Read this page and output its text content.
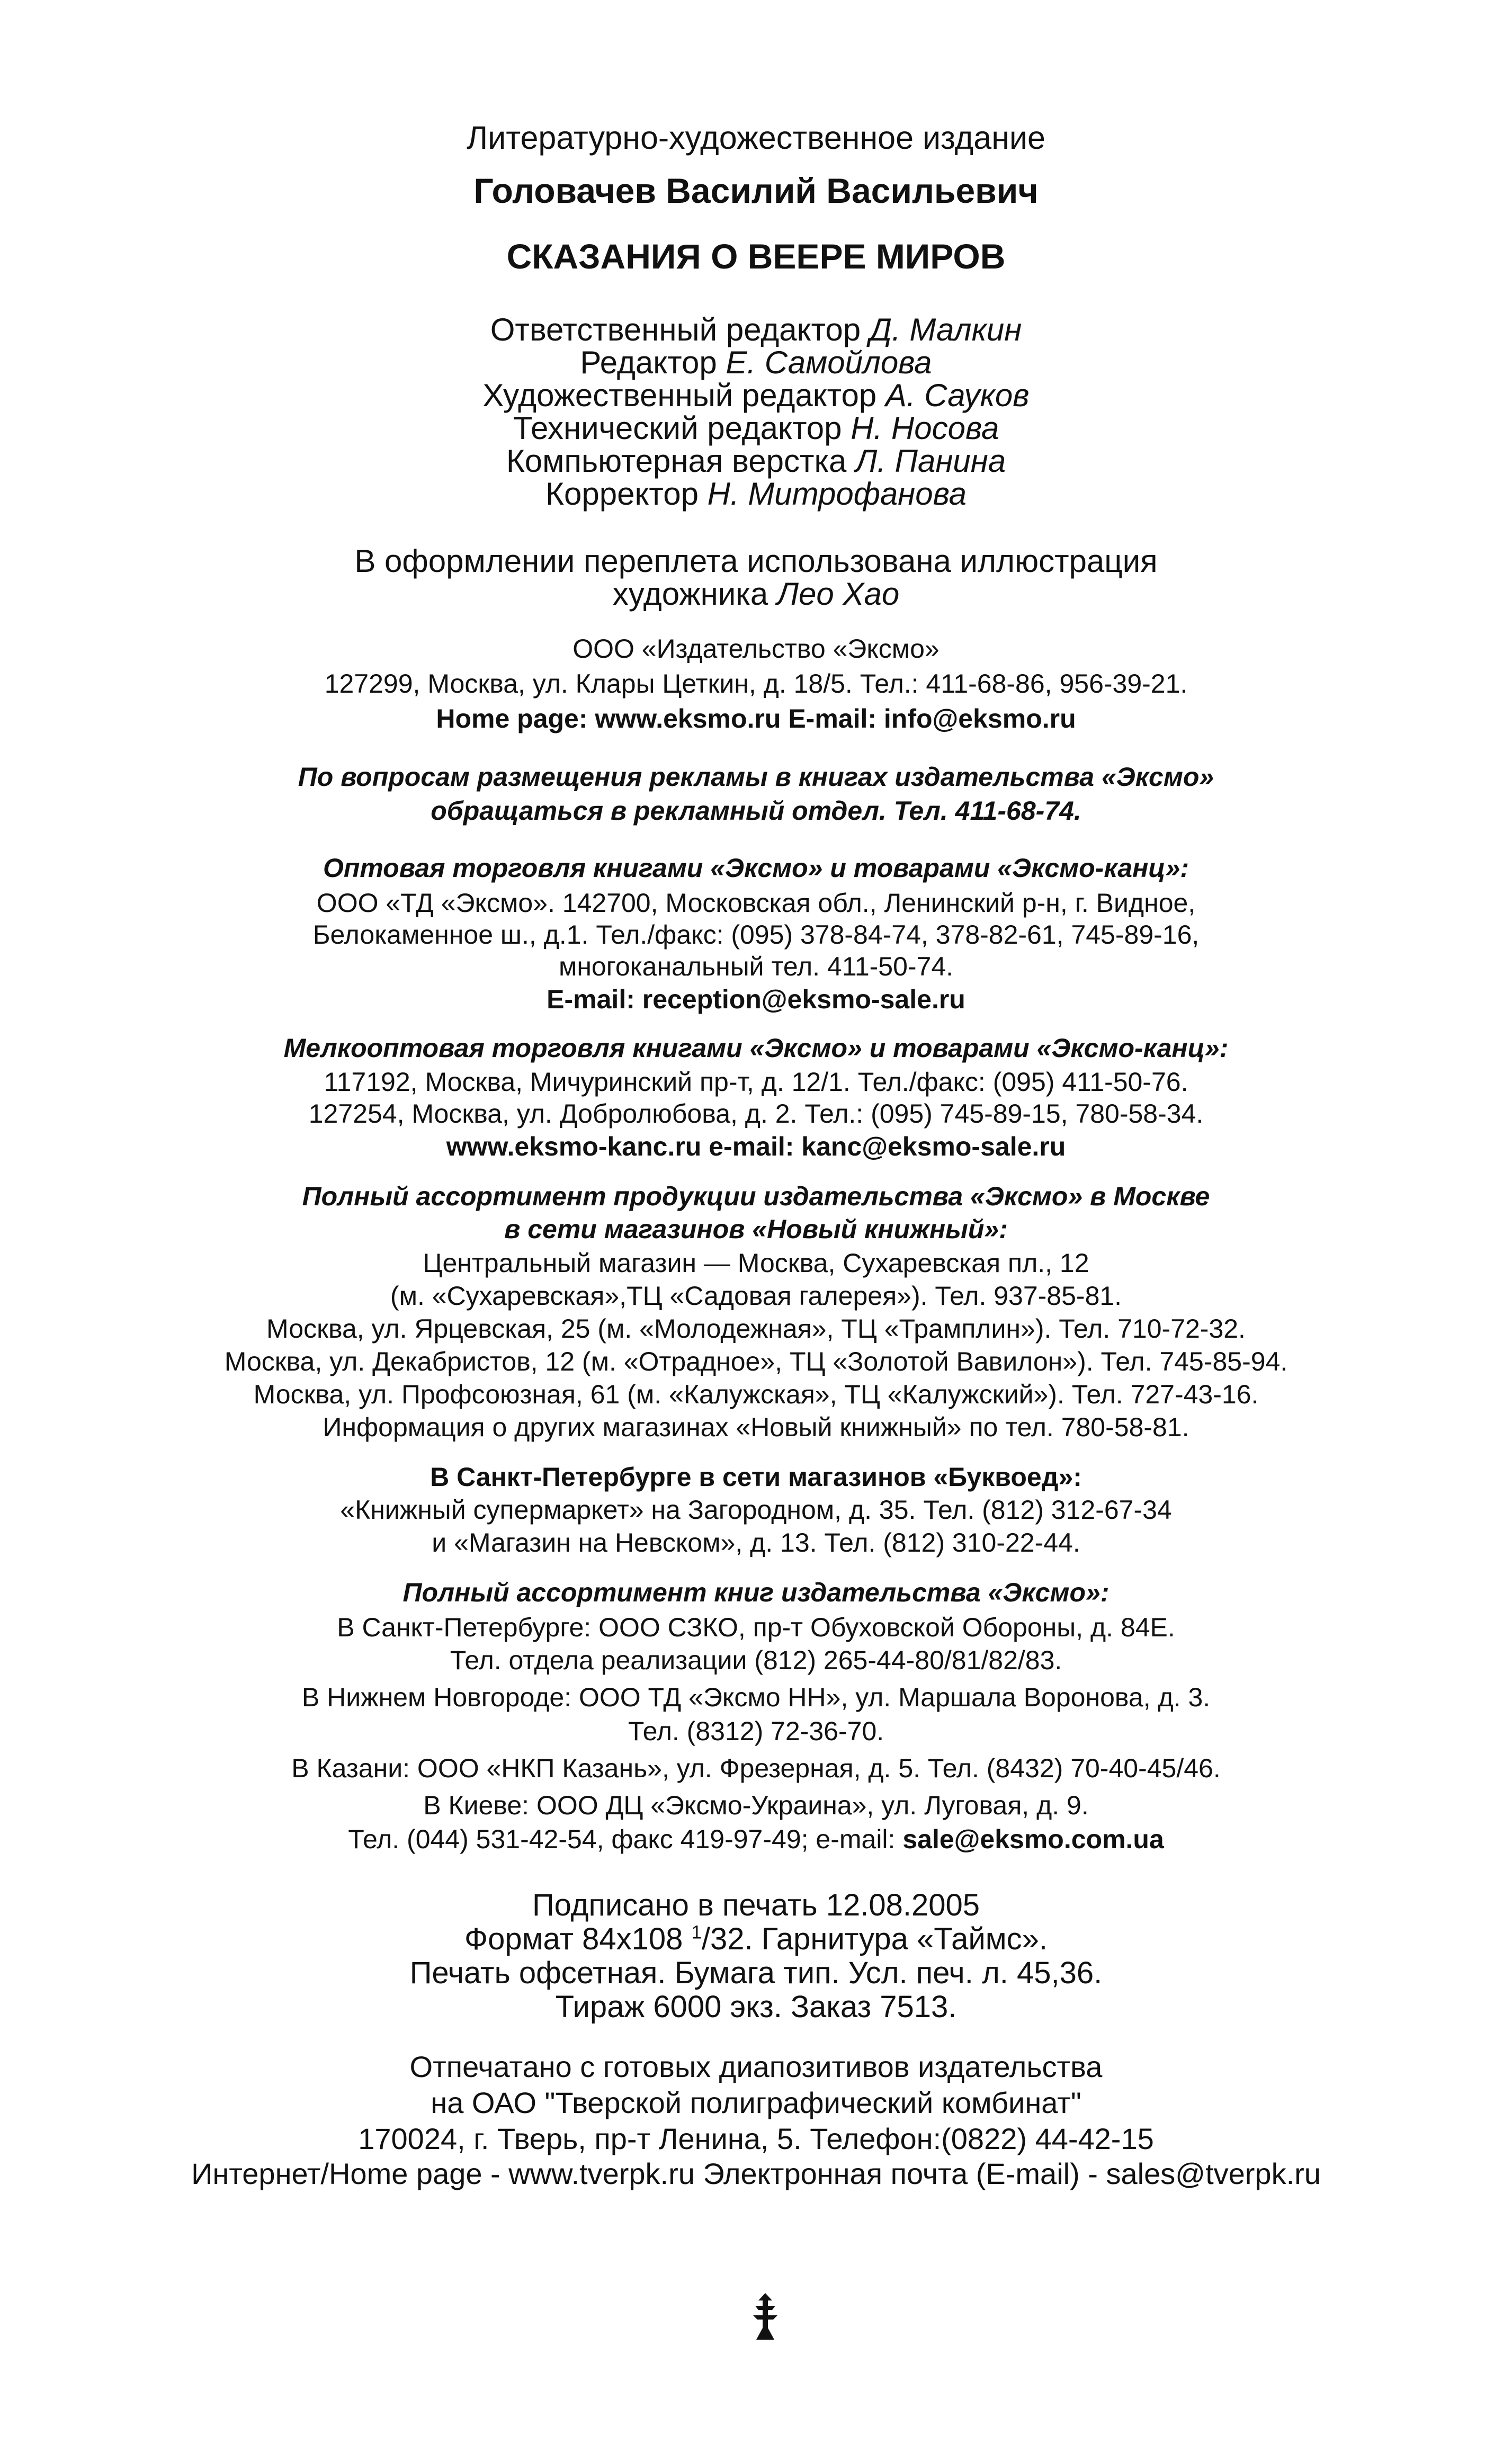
Литературно-художественное издание
Головачев Василий Васильевич
СКАЗАНИЯ О ВЕЕРЕ МИРОВ
Ответственный редактор Д. Малкин
Редактор Е. Самойлова
Художественный редактор А. Сауков
Технический редактор Н. Носова
Компьютерная верстка Л. Панина
Корректор Н. Митрофанова
В оформлении переплета использована иллюстрация
художника Лео Хао
ООО «Издательство «Эксмо»
127299, Москва, ул. Клары Цеткин, д. 18/5. Тел.: 411-68-86, 956-39-21.
Home page: www.eksmo.ru E-mail: info@eksmo.ru
По вопросам размещения рекламы в книгах издательства «Эксмо»
обращаться в рекламный отдел. Тел. 411-68-74.
Оптовая торговля книгами «Эксмо» и товарами «Эксмо-канц»:
ООО «ТД «Эксмо». 142700, Московская обл., Ленинский р-н, г. Видное,
Белокаменное ш., д.1. Тел./факс: (095) 378-84-74, 378-82-61, 745-89-16,
многоканальный тел. 411-50-74.
E-mail: reception@eksmo-sale.ru
Мелкооптовая торговля книгами «Эксмо» и товарами «Эксмо-канц»:
117192, Москва, Мичуринский пр-т, д. 12/1. Тел./факс: (095) 411-50-76.
127254, Москва, ул. Добролюбова, д. 2. Тел.: (095) 745-89-15, 780-58-34.
www.eksmo-kanc.ru e-mail: kanc@eksmo-sale.ru
Полный ассортимент продукции издательства «Эксмо» в Москве
в сети магазинов «Новый книжный»:
Центральный магазин — Москва, Сухаревская пл., 12
(м. «Сухаревская»,ТЦ «Садовая галерея»). Тел. 937-85-81.
Москва, ул. Ярцевская, 25 (м. «Молодежная», ТЦ «Трамплин»). Тел. 710-72-32.
Москва, ул. Декабристов, 12 (м. «Отрадное», ТЦ «Золотой Вавилон»). Тел. 745-85-94.
Москва, ул. Профсоюзная, 61 (м. «Калужская», ТЦ «Калужский»). Тел. 727-43-16.
Информация о других магазинах «Новый книжный» по тел. 780-58-81.
В Санкт-Петербурге в сети магазинов «Буквоед»:
«Книжный супермаркет» на Загородном, д. 35. Тел. (812) 312-67-34
и «Магазин на Невском», д. 13. Тел. (812) 310-22-44.
Полный ассортимент книг издательства «Эксмо»:
В Санкт-Петербурге: ООО СЗКО, пр-т Обуховской Обороны, д. 84Е.
Тел. отдела реализации (812) 265-44-80/81/82/83.
В Нижнем Новгороде: ООО ТД «Эксмо НН», ул. Маршала Воронова, д. 3.
Тел. (8312) 72-36-70.
В Казани: ООО «НКП Казань», ул. Фрезерная, д. 5. Тел. (8432) 70-40-45/46.
В Киеве: ООО ДЦ «Эксмо-Украина», ул. Луговая, д. 9.
Тел. (044) 531-42-54, факс 419-97-49; e-mail: sale@eksmo.com.ua
Подписано в печать 12.08.2005
Формат 84х108 $^1$/32. Гарнитура «Таймс».
Печать офсетная. Бумага тип. Усл. печ. л. 45,36.
Тираж 6000 экз. Заказ 7513.
Отпечатано с готовых диапозитивов издательства
на ОАО "Тверской полиграфический комбинат"
170024, г. Тверь, пр-т Ленина, 5. Телефон:(0822) 44-42-15
Интернет/Home page - www.tverpk.ru Электронная почта (E-mail) - sales@tverpk.ru
